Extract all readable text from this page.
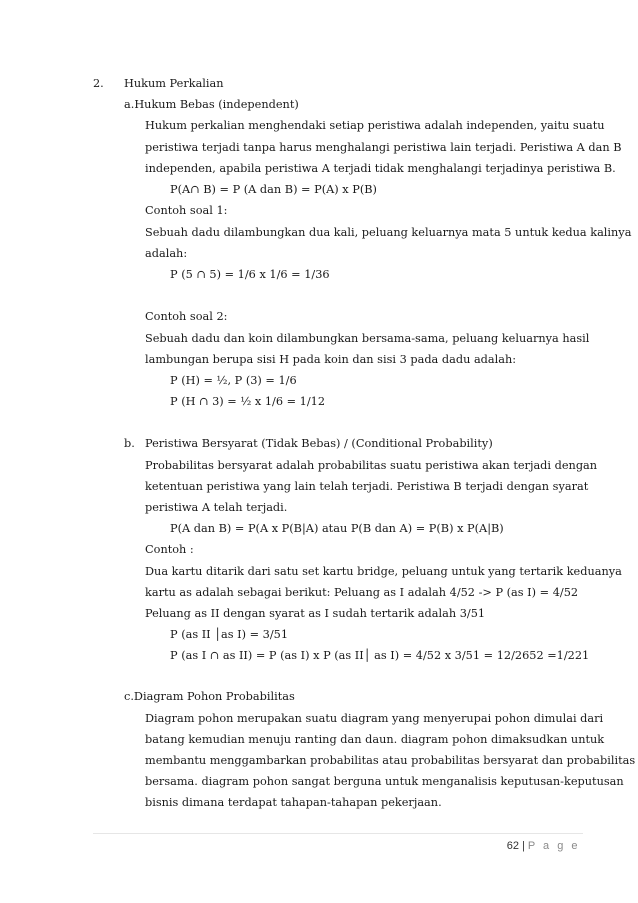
2. Hukum Perkalian
a.Hukum Bebas (independent)
Hukum perkalian menghendaki setiap peristiwa adalah independen, yaitu suatu
peristiwa terjadi tanpa harus menghalangi peristiwa lain terjadi. Peristiwa A dan B
independen, apabila peristiwa A terjadi tidak menghalangi terjadinya peristiwa B.
P(A∩ B) = P (A dan B) = P(A) x P(B)
Contoh soal 1:
Sebuah dadu dilambungkan dua kali, peluang keluarnya mata 5 untuk kedua kalinya
adalah:
P (5 ∩ 5) = 1/6 x 1/6 = 1/36
Contoh soal 2:
Sebuah dadu dan koin dilambungkan bersama-sama, peluang keluarnya hasil
lambungan berupa sisi H pada koin dan sisi 3 pada dadu adalah:
P (H) = ½, P (3) = 1/6
P (H ∩ 3) = ½ x 1/6 = 1/12
b. Peristiwa Bersyarat (Tidak Bebas) / (Conditional Probability)
Probabilitas bersyarat adalah probabilitas suatu peristiwa akan terjadi dengan
ketentuan peristiwa yang lain telah terjadi. Peristiwa B terjadi dengan syarat
peristiwa A telah terjadi.
P(A dan B) = P(A x P(B|A) atau P(B dan A) = P(B) x P(A|B)
Contoh :
Dua kartu ditarik dari satu set kartu bridge, peluang untuk yang tertarik keduanya
kartu as adalah sebagai berikut: Peluang as I adalah 4/52 -> P (as I) = 4/52
Peluang as II dengan syarat as I sudah tertarik adalah 3/51
P (as II │as I) = 3/51
P (as I ∩ as II) = P (as I) x P (as II│ as I) = 4/52 x 3/51 = 12/2652 =1/221
c.Diagram Pohon Probabilitas
Diagram pohon merupakan suatu diagram yang menyerupai pohon dimulai dari
batang kemudian menuju ranting dan daun. diagram pohon dimaksudkan untuk
membantu menggambarkan probabilitas atau probabilitas bersyarat dan probabilitas
bersama. diagram pohon sangat berguna untuk menganalisis keputusan-keputusan
bisnis dimana terdapat tahapan-tahapan pekerjaan.
62 | P a g e
